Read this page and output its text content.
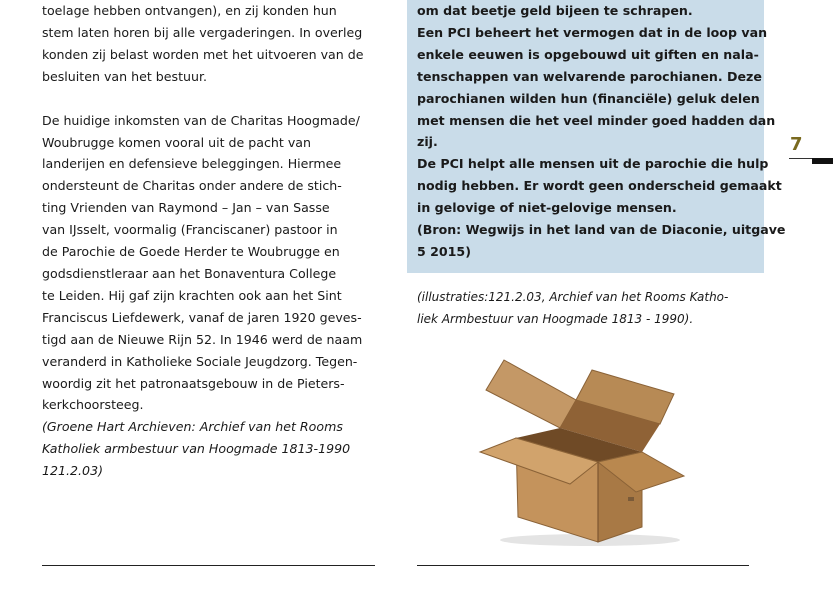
toelage hebben ontvangen), en zij konden hun
stem laten horen bij alle vergaderingen. In overleg
konden zij belast worden met het uitvoeren van de
besluiten van het bestuur.
De huidige inkomsten van de Charitas Hoogmade/
Woubrugge komen vooral uit de pacht van
landerijen en defensieve beleggingen. Hiermee
ondersteunt de Charitas onder andere de stich-
ting Vrienden van Raymond – Jan – van Sasse
van IJsselt, voormalig (Franciscaner) pastoor in
de Parochie de Goede Herder te Woubrugge en
godsdienstleraar aan het Bonaventura College
te Leiden. Hij gaf zijn krachten ook aan het Sint
Franciscus Liefdewerk, vanaf de jaren 1920 geves-
tigd aan de Nieuwe Rijn 52. In 1946 werd de naam
veranderd in Katholieke Sociale Jeugdzorg. Tegen-
woordig zit het patronaatsgebouw in de Pieters-
kerkchoorsteeg.
(Groene Hart Archieven: Archief van het Rooms
Katholiek armbestuur van Hoogmade 1813-1990
121.2.03)
om dat beetje geld bijeen te schrapen.
Een PCI beheert het vermogen dat in de loop van
enkele eeuwen is opgebouwd uit giften en nala-
tenschappen van welvarende parochianen. Deze
parochianen wilden hun (financiële) geluk delen
met mensen die het veel minder goed hadden dan
zij.
De PCI helpt alle mensen uit de parochie die hulp
nodig hebben. Er wordt geen onderscheid gemaakt
in gelovige of niet-gelovige mensen.
(Bron: Wegwijs in het land van de Diaconie, uitgave
5 2015)
(illustraties:121.2.03, Archief van het Rooms Katho-
liek Armbestuur van Hoogmade 1813 - 1990).
7
